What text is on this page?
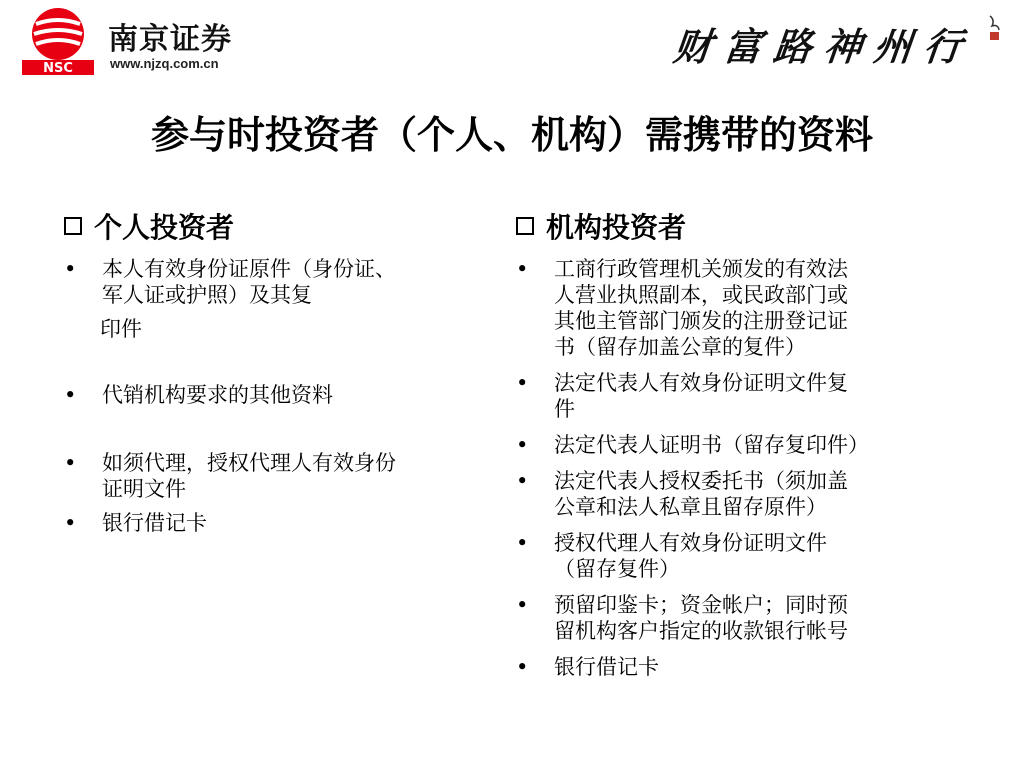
NSC
南京证券
www.njzq.com.cn	财富路神州行
参与时投资者（个人、机构）需携带的资料
个人投资者
•	本人有效身份证原件（身份证、
军人证或护照）及其复
印件
•	代销机构要求的其他资料
•	如须代理，授权代理人有效身份
证明文件
•	银行借记卡
机构投资者
•	工商行政管理机关颁发的有效法
人营业执照副本，或民政部门或
其他主管部门颁发的注册登记证
书（留存加盖公章的复件）
•	法定代表人有效身份证明文件复
件
•	法定代表人证明书（留存复印件）
•	法定代表人授权委托书（须加盖
公章和法人私章且留存原件）
•	授权代理人有效身份证明文件
（留存复件）
•	预留印鉴卡；资金帐户；同时预
留机构客户指定的收款银行帐号
•	银行借记卡
